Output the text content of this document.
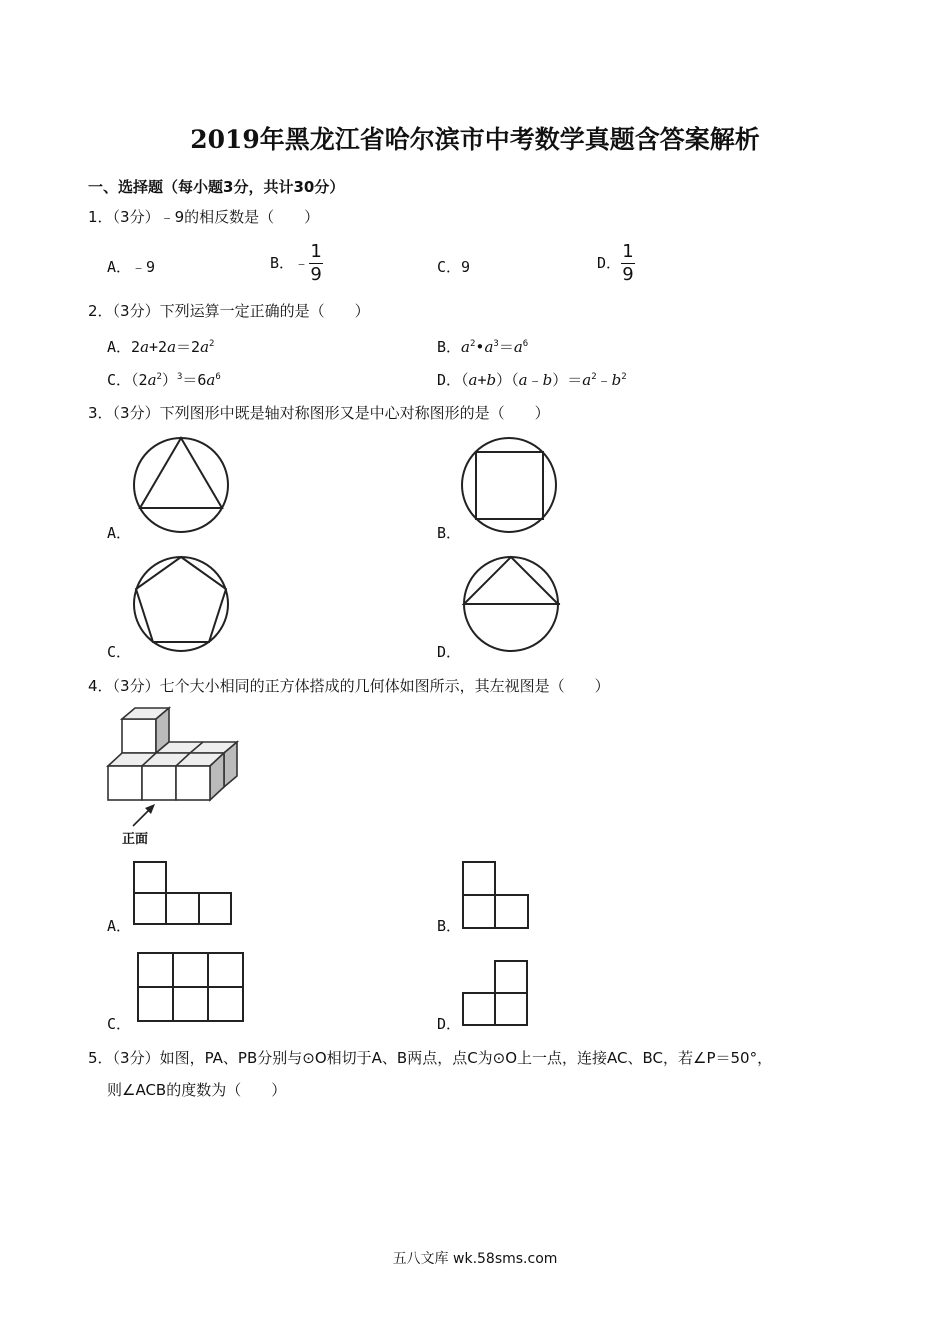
2019年黑龙江省哈尔滨市中考数学真题含答案解析
一、选择题（每小题3分，共计30分）
1．（3分）﹣9的相反数是（　　）
A．﹣9	B．﹣ $\frac{1}{9}$	C．9	D． $\frac{1}{9}$
2．（3分）下列运算一定正确的是（　　）
A．$2a+2a=2a^2$	B．$a^2•a^3=a^6$
C．$(2a^2)^3=6a^6$	D．$(a+b)(a﹣b)=a^2﹣b^2$
3．（3分）下列图形中既是轴对称图形又是中心对称图形的是（　　）
A．	B．
C．	D．
4．（3分）七个大小相同的正方体搭成的几何体如图所示，其左视图是（　　）
正面
A．	B．
C．	D．
5．（3分）如图，PA、PB分别与⊙O相切于A、B两点，点C为⊙O上一点，连接AC、BC，若∠P＝50°，
则∠ACB的度数为（　　）
五八文库 wk.58sms.com
